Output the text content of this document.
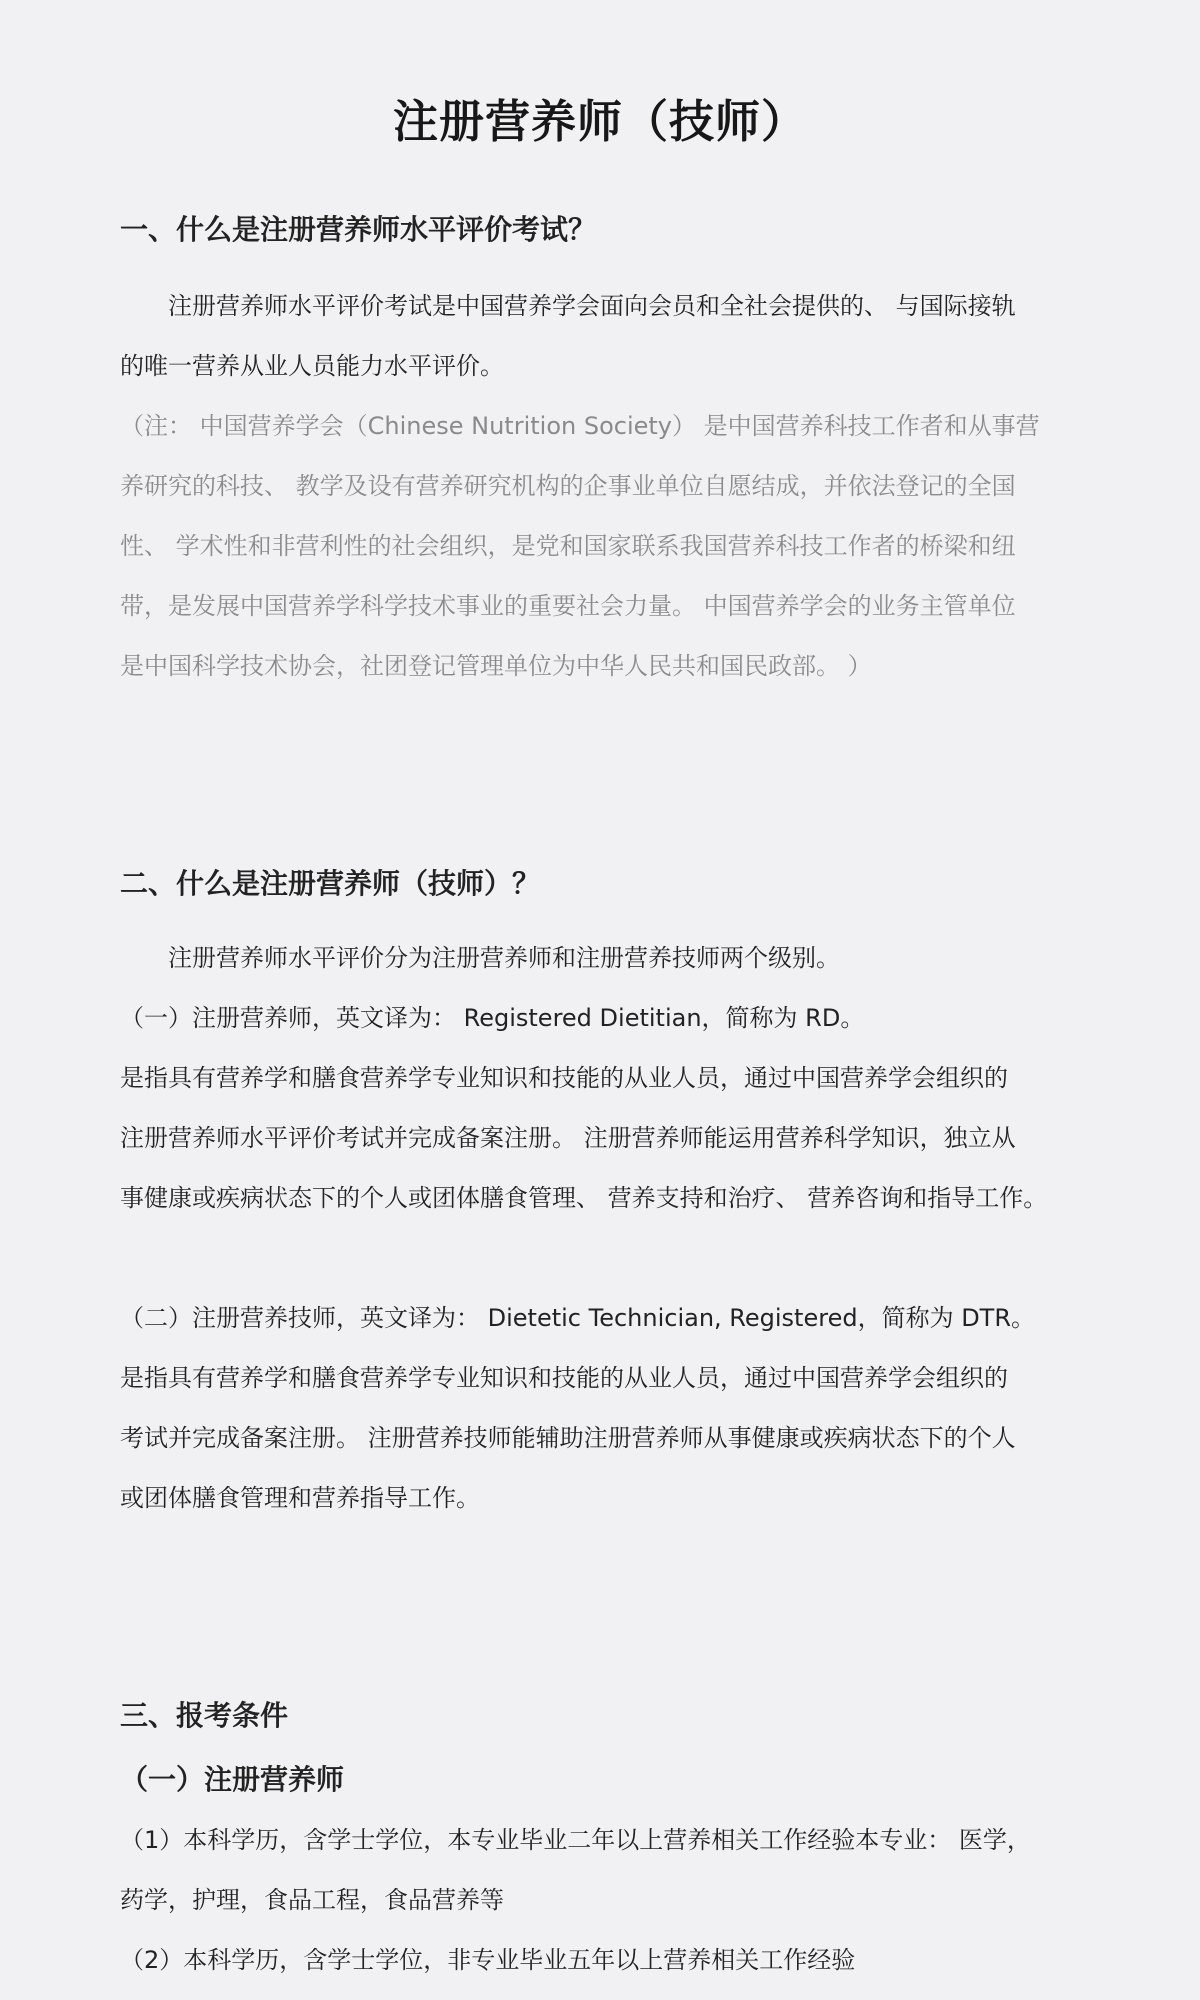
注册营养师（技师）
一、什么是注册营养师水平评价考试？

注册营养师水平评价考试是中国营养学会面向会员和全社会提供的、 与国际接轨
的唯一营养从业人员能力水平评价。

（注： 中国营养学会（Chinese Nutrition Society） 是中国营养科技工作者和从事营
养研究的科技、 教学及设有营养研究机构的企事业单位自愿结成，并依法登记的全国
性、 学术性和非营利性的社会组织，是党和国家联系我国营养科技工作者的桥梁和纽
带，是发展中国营养学科学技术事业的重要社会力量。 中国营养学会的业务主管单位
是中国科学技术协会，社团登记管理单位为中华人民共和国民政部。 ）

二、什么是注册营养师（技师）？

注册营养师水平评价分为注册营养师和注册营养技师两个级别。

（一）注册营养师，英文译为： Registered Dietitian，简称为 RD。
是指具有营养学和膳食营养学专业知识和技能的从业人员，通过中国营养学会组织的
注册营养师水平评价考试并完成备案注册。 注册营养师能运用营养科学知识，独立从
事健康或疾病状态下的个人或团体膳食管理、 营养支持和治疗、 营养咨询和指导工作。

（二）注册营养技师，英文译为： Dietetic Technician, Registered，简称为 DTR。
是指具有营养学和膳食营养学专业知识和技能的从业人员，通过中国营养学会组织的
考试并完成备案注册。 注册营养技师能辅助注册营养师从事健康或疾病状态下的个人
或团体膳食管理和营养指导工作。

三、报考条件
（一）注册营养师

（1）本科学历，含学士学位，本专业毕业二年以上营养相关工作经验本专业： 医学，
药学，护理，食品工程，食品营养等
（2）本科学历，含学士学位，非专业毕业五年以上营养相关工作经验
